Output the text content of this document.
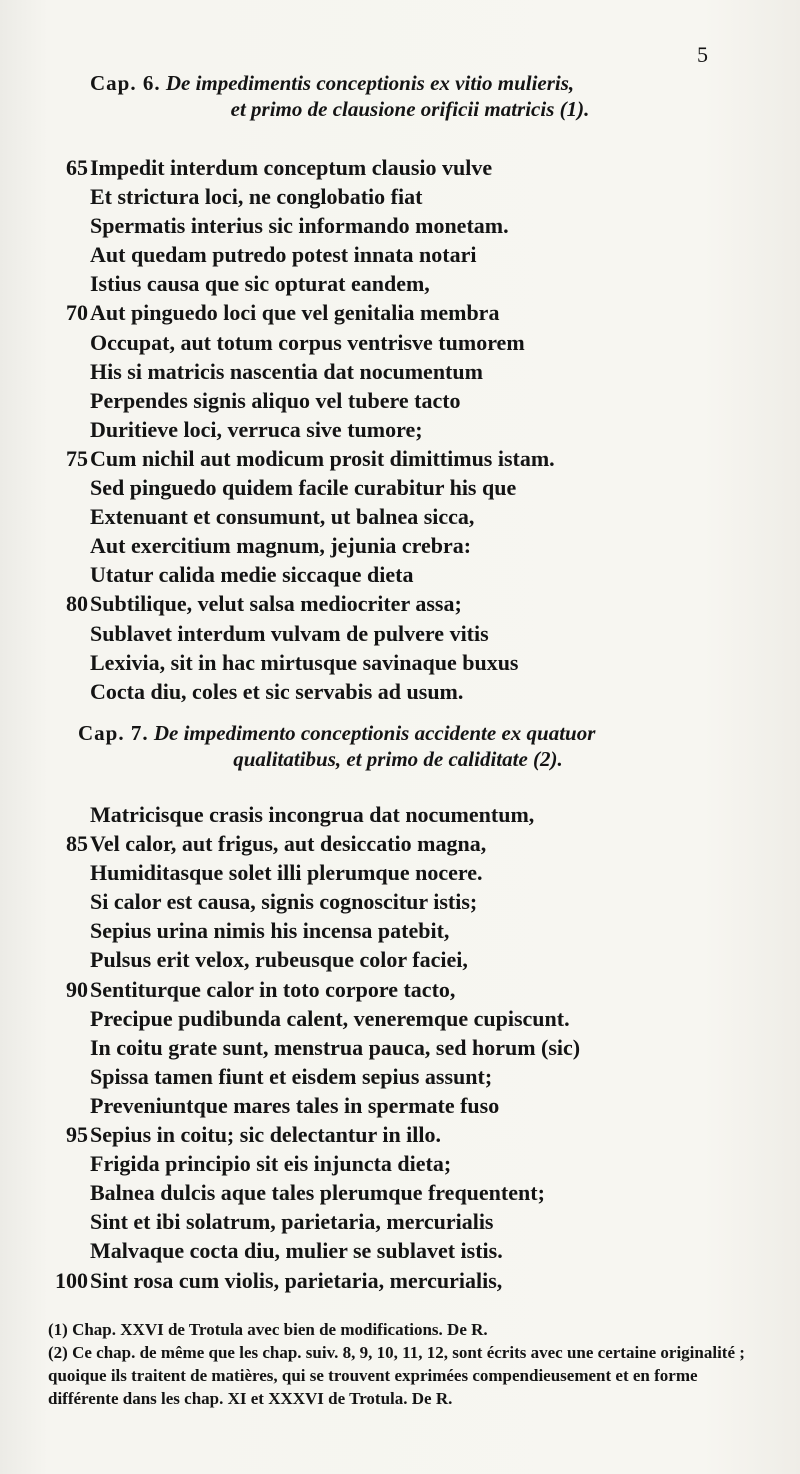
5
Cap. 6. De impedimentis conceptionis ex vitio mulieris,
et primo de clausione orificii matricis (1).
65 Impedit interdum conceptum clausio vulve
Et strictura loci, ne conglobatio fiat
Spermatis interius sic informando monetam.
Aut quedam putredo potest innata notari
Istius causa que sic opturat eandem,
70 Aut pinguedo loci que vel genitalia membra
Occupat, aut totum corpus ventrisve tumorem
His si matricis nascentia dat nocumentum
Perpendes signis aliquo vel tubere tacto
Duritieve loci, verruca sive tumore;
75 Cum nichil aut modicum prosit dimittimus istam.
Sed pinguedo quidem facile curabitur his que
Extenuant et consumunt, ut balnea sicca,
Aut exercitium magnum, jejunia crebra:
Utatur calida medie siccaque dieta
80 Subtilique, velut salsa mediocriter assa;
Sublavet interdum vulvam de pulvere vitis
Lexivia, sit in hac mirtusque savinaque buxus
Cocta diu, coles et sic servabis ad usum.
Cap. 7. De impedimento conceptionis accidente ex quatuor
qualitatibus, et primo de caliditate (2).
Matricisque crasis incongrua dat nocumentum,
85 Vel calor, aut frigus, aut desiccatio magna,
Humiditasque solet illi plerumque nocere.
Si calor est causa, signis cognoscitur istis;
Sepius urina nimis his incensa patebit,
Pulsus erit velox, rubeusque color faciei,
90 Sentiturque calor in toto corpore tacto,
Precipue pudibunda calent, veneremque cupiscunt.
In coitu grate sunt, menstrua pauca, sed horum (sic)
Spissa tamen fiunt et eisdem sepius assunt;
Preveniuntque mares tales in spermate fuso
95 Sepius in coitu; sic delectantur in illo.
Frigida principio sit eis injuncta dieta;
Balnea dulcis aque tales plerumque frequentent;
Sint et ibi solatrum, parietaria, mercurialis
Malvaque cocta diu, mulier se sublavet istis.
100 Sint rosa cum violis, parietaria, mercurialis,
(1) Chap. XXVI de Trotula avec bien de modifications. De R.
(2) Ce chap. de même que les chap. suiv. 8, 9, 10, 11, 12, sont écrits avec une certaine originalité ; quoique ils traitent de matières, qui se trouvent exprimées compendieusement et en forme différente dans les chap. XI et XXXVI de Trotula. De R.
